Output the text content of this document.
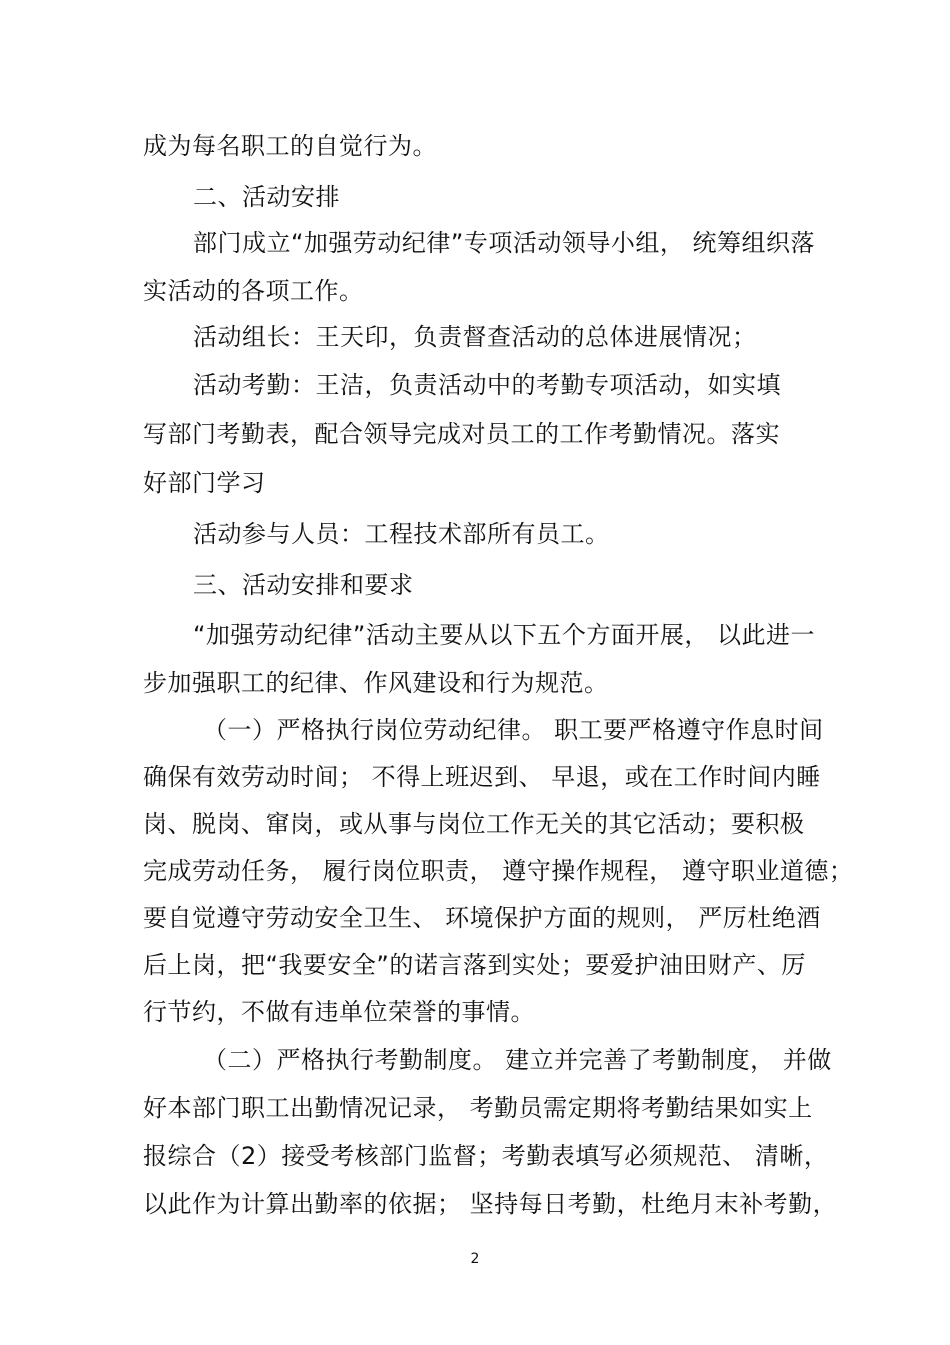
成为每名职工的自觉行为。
二、活动安排
部门成立“加强劳动纪律”专项活动领导小组， 统筹组织落
实活动的各项工作。
活动组长：王天印，负责督查活动的总体进展情况；
活动考勤：王洁，负责活动中的考勤专项活动，如实填
写部门考勤表，配合领导完成对员工的工作考勤情况。落实
好部门学习
活动参与人员：工程技术部所有员工。
三、活动安排和要求
“加强劳动纪律”活动主要从以下五个方面开展， 以此进一
步加强职工的纪律、作风建设和行为规范。
（一）严格执行岗位劳动纪律。 职工要严格遵守作息时间
确保有效劳动时间； 不得上班迟到、 早退，或在工作时间内睡
岗、脱岗、窜岗，或从事与岗位工作无关的其它活动；要积极
完成劳动任务， 履行岗位职责， 遵守操作规程， 遵守职业道德；
要自觉遵守劳动安全卫生、 环境保护方面的规则， 严厉杜绝酒
后上岗，把“我要安全”的诺言落到实处；要爱护油田财产、厉
行节约，不做有违单位荣誉的事情。
（二）严格执行考勤制度。 建立并完善了考勤制度， 并做
好本部门职工出勤情况记录， 考勤员需定期将考勤结果如实上
报综合（2）接受考核部门监督；考勤表填写必须规范、 清晰，
以此作为计算出勤率的依据； 坚持每日考勤，杜绝月末补考勤，
2
